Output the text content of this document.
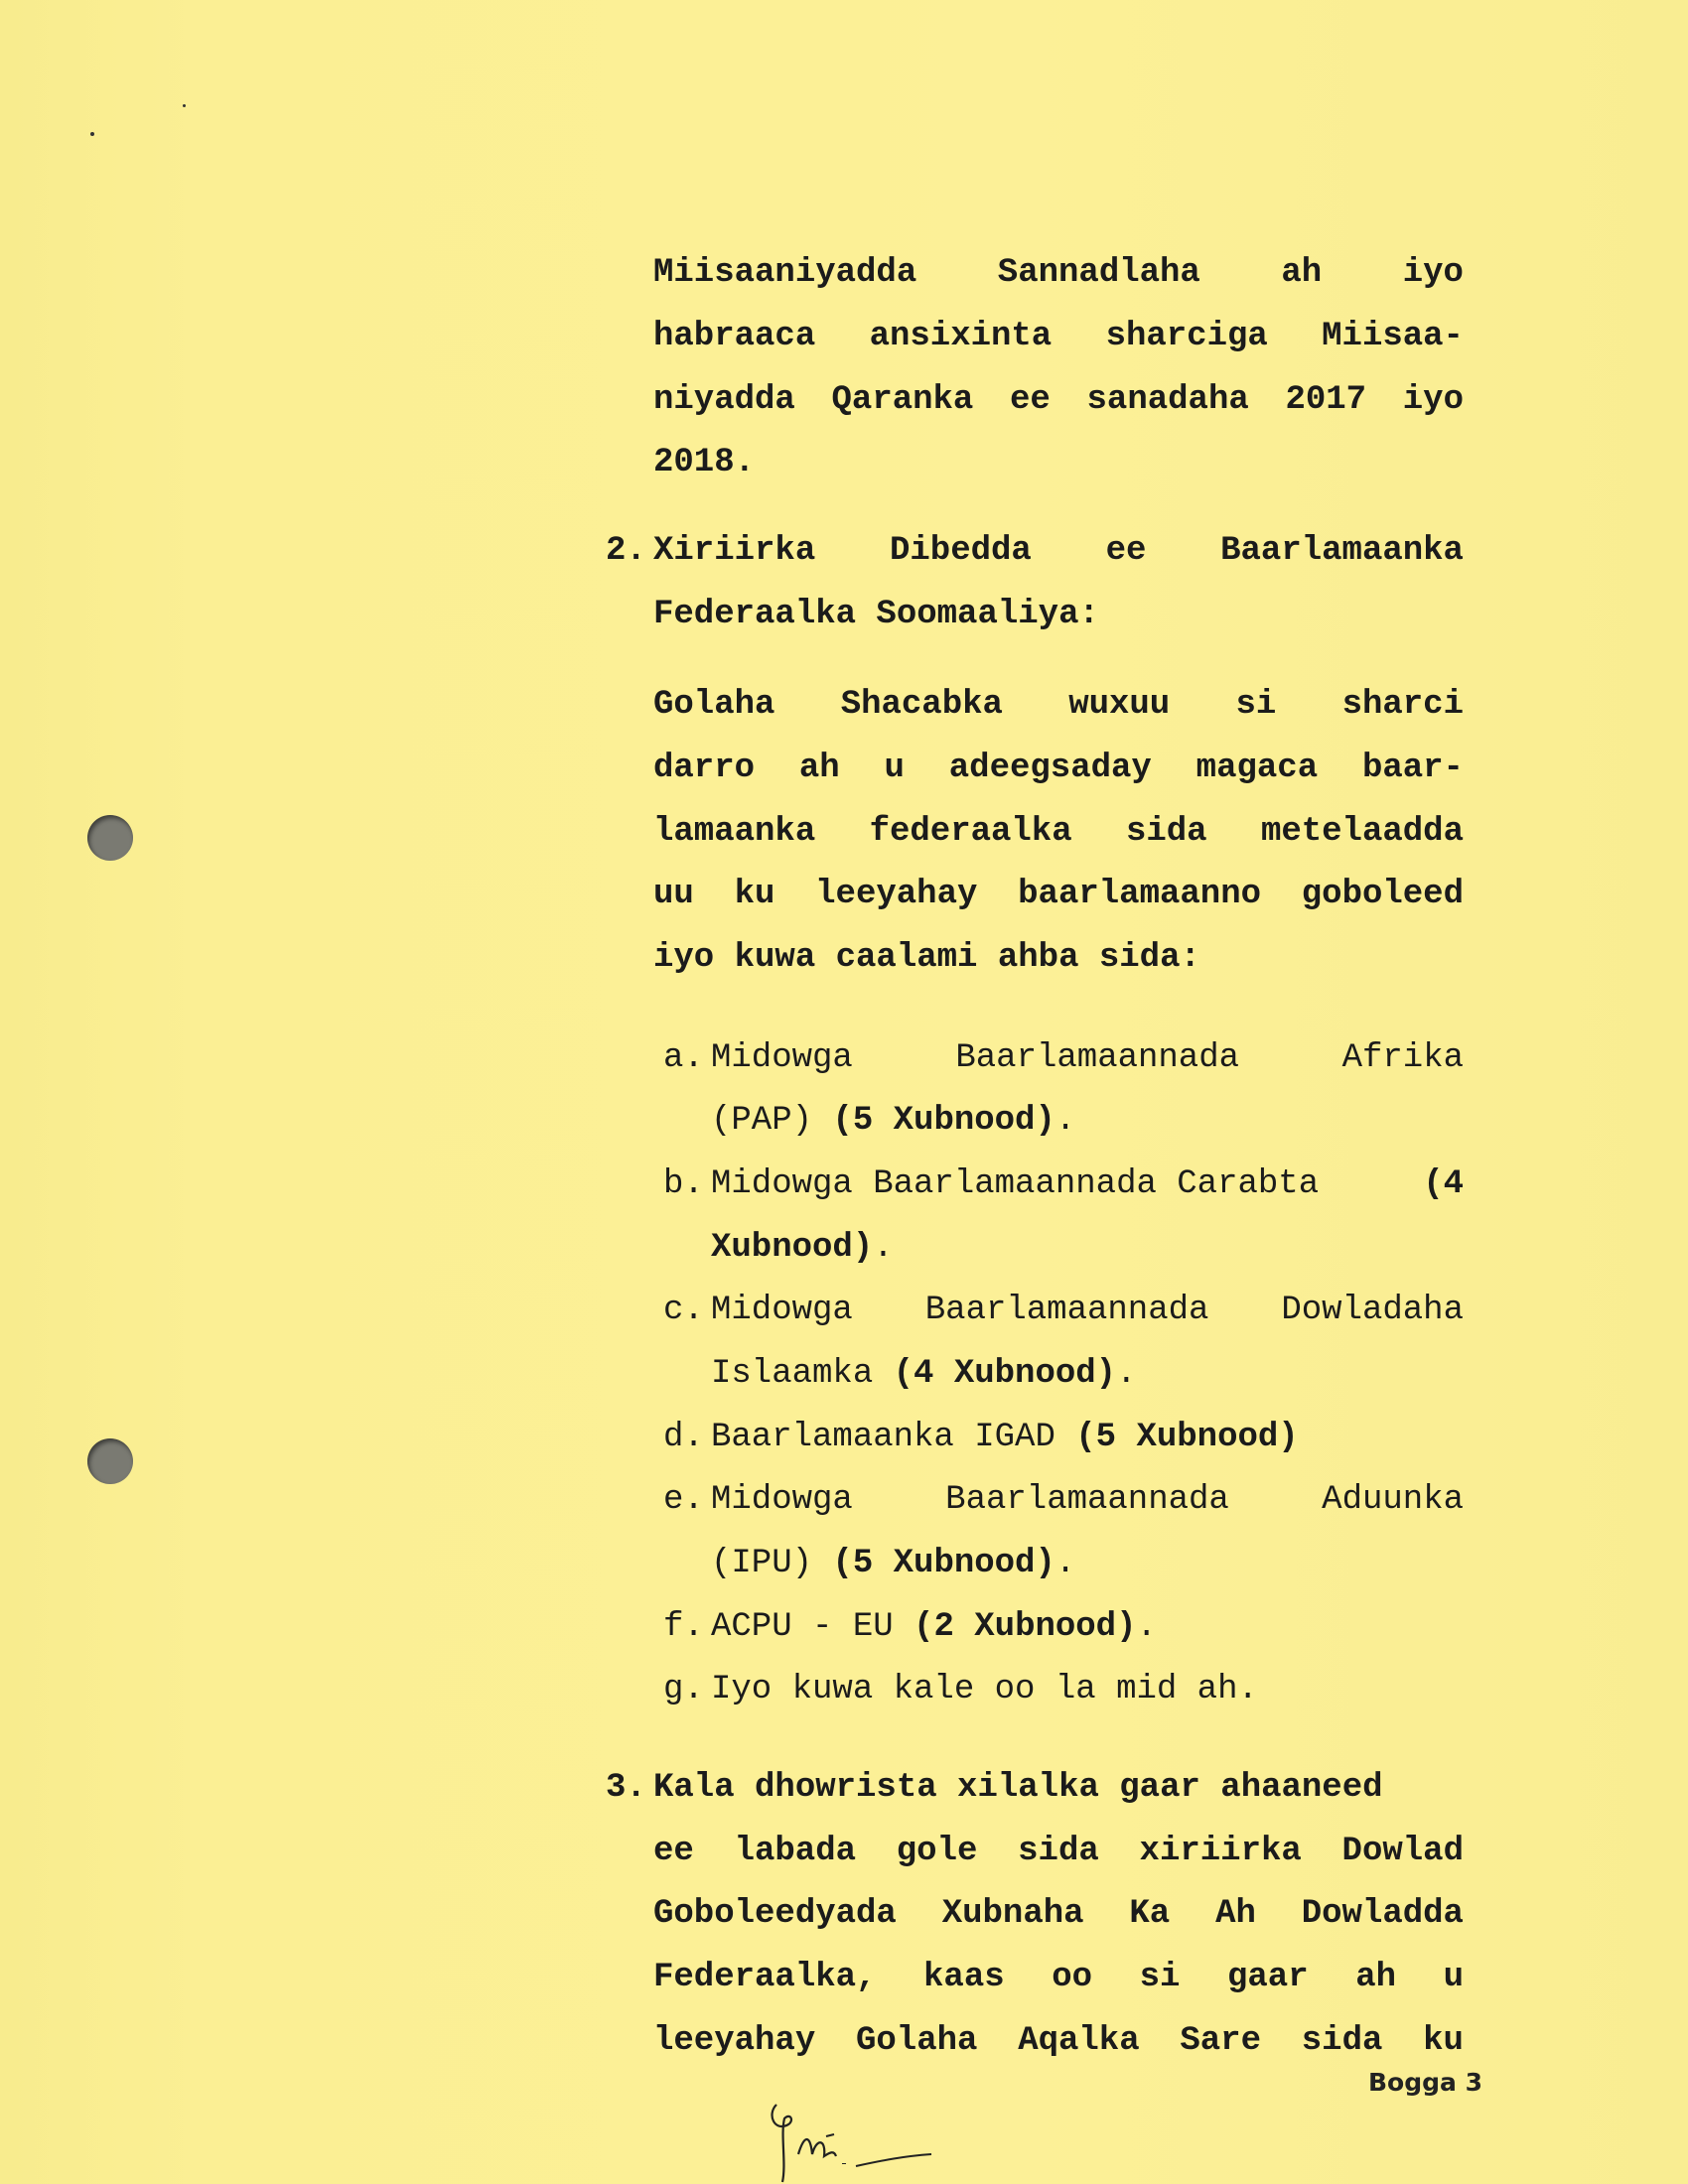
Miisaaniyadda Sannadlaha ah iyo
habraaca ansixinta sharciga Miisaa-
niyadda Qaranka ee sanadaha 2017 iyo
2018.
2. Xiriirka Dibedda ee Baarlamaanka
Federaalka Soomaaliya:
Golaha Shacabka wuxuu si sharci
darro ah u adeegsaday magaca baar-
lamaanka federaalka sida metelaadda
uu ku leeyahay baarlamaanno goboleed
iyo kuwa caalami ahba sida:
a. Midowga	Baarlamaannada	Afrika
(PAP) (5 Xubnood).
b. Midowga Baarlamaannada Carabta	(4
Xubnood).
c. Midowga Baarlamaannada Dowladaha
Islaamka (4 Xubnood).
d. Baarlamaanka IGAD (5 Xubnood)
e. Midowga	Baarlamaannada	Aduunka
(IPU) (5 Xubnood).
f. ACPU - EU (2 Xubnood).
g. Iyo kuwa kale oo la mid ah.
3. Kala dhowrista xilalka gaar ahaaneed
ee labada gole sida xiriirka Dowlad
Goboleedyada Xubnaha Ka Ah Dowladda
Federaalka, kaas oo si gaar ah u
leeyahay Golaha Aqalka Sare sida ku
Bogga 3
